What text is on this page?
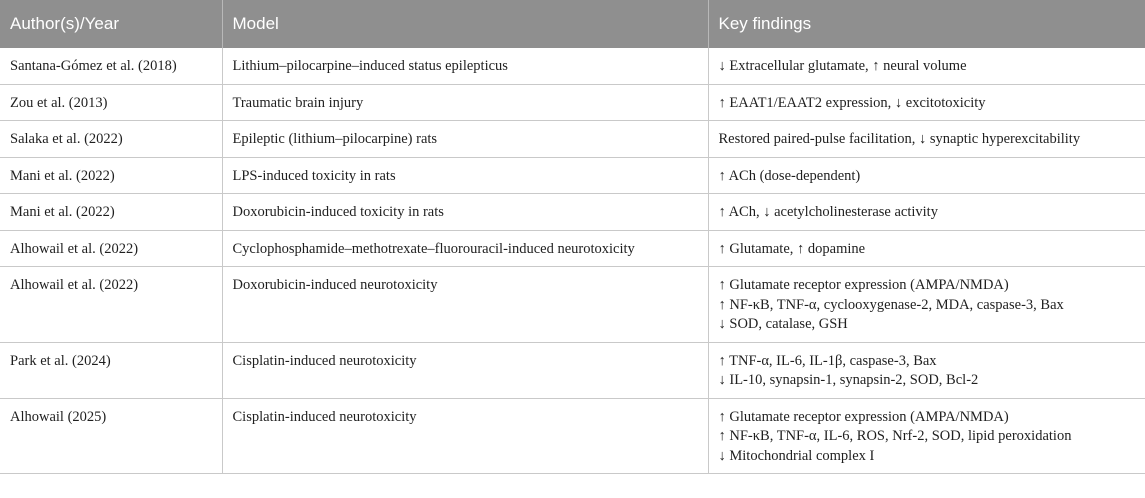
Author(s)/Year	Model	Key findings
Santana-Gómez et al. (2018)	Lithium–pilocarpine–induced status epilepticus	↓ Extracellular glutamate, ↑ neural volume

Zou et al. (2013)	Traumatic brain injury	↑ EAAT1/EAAT2 expression, ↓ excitotoxicity

Salaka et al. (2022)	Epileptic (lithium–pilocarpine) rats	Restored paired-pulse facilitation, ↓ synaptic hyperexcitability

Mani et al. (2022)	LPS-induced toxicity in rats	↑ ACh (dose-dependent)

Mani et al. (2022)	Doxorubicin-induced toxicity in rats	↑ ACh, ↓ acetylcholinesterase activity

Alhowail et al. (2022)	Cyclophosphamide–methotrexate–fluorouracil-induced neurotoxicity	↑ Glutamate, ↑ dopamine

Alhowail et al. (2022)	Doxorubicin-induced neurotoxicity	↑ Glutamate receptor expression (AMPA/NMDA)
↑ NF-κB, TNF-α, cyclooxygenase-2, MDA, caspase-3, Bax
↓ SOD, catalase, GSH

Park et al. (2024)	Cisplatin-induced neurotoxicity	↑ TNF-α, IL-6, IL-1β, caspase-3, Bax
↓ IL-10, synapsin-1, synapsin-2, SOD, Bcl-2

Alhowail (2025)	Cisplatin-induced neurotoxicity	↑ Glutamate receptor expression (AMPA/NMDA)
↑ NF-κB, TNF-α, IL-6, ROS, Nrf-2, SOD, lipid peroxidation
↓ Mitochondrial complex I
